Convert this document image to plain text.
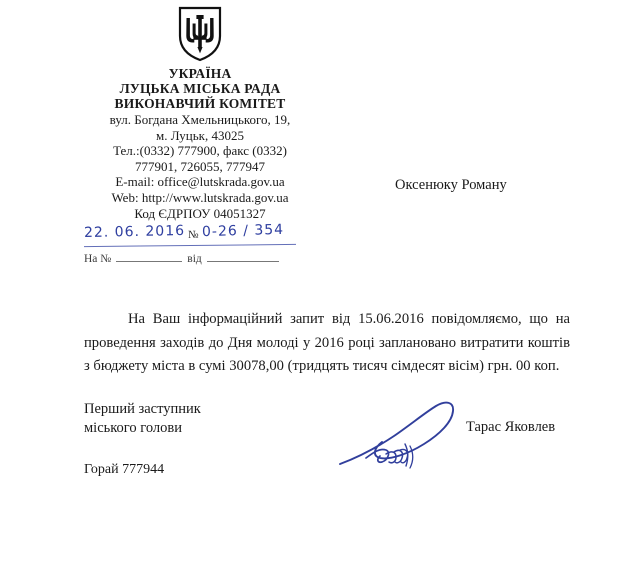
УКРАЇНА
ЛУЦЬКА МІСЬКА РАДА
ВИКОНАВЧИЙ КОМІТЕТ
вул. Богдана Хмельницького, 19,
м. Луцьк, 43025
Тел.:(0332) 777900, факс (0332)
777901, 726055, 777947
E-mail: office@lutskrada.gov.ua
Web: http://www.lutskrada.gov.ua
Код ЄДРПОУ 04051327
22. 06. 2016 № 0-26 / 354
На №	від
Оксенюку Роману
На Ваш інформаційний запит від 15.06.2016 повідомляємо, що на проведення заходів до Дня молоді у 2016 році заплановано витратити коштів з бюджету міста в сумі 30078,00 (тридцять тисяч сімдесят вісім) грн. 00 коп.
Перший заступник
міського голови	Тарас Яковлев
Горай 777944
